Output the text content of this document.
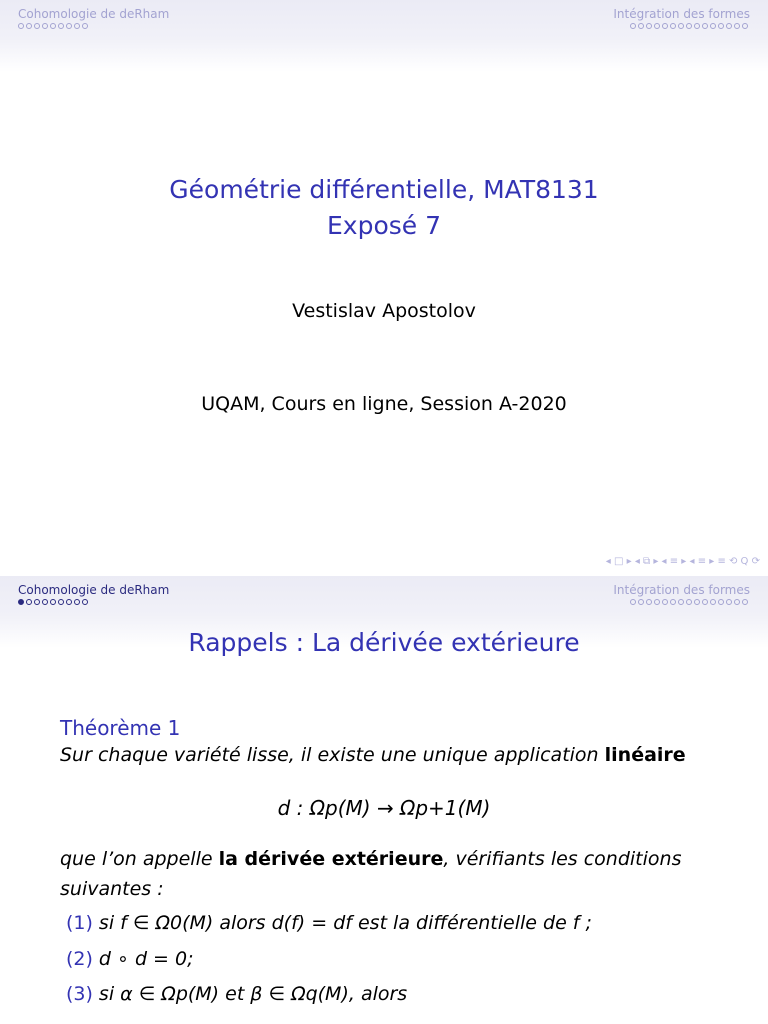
Cohomologie de deRham	Intégration des formes
Géométrie différentielle, MAT8131
Exposé 7
Vestislav Apostolov
UQAM, Cours en ligne, Session A-2020
◂ □ ▸ ◂ ⧉ ▸ ◂ ≡ ▸ ◂ ≡ ▸ ≡ ⟲ Q ⟳
Cohomologie de deRham	Intégration des formes
Rappels : La dérivée extérieure
Théorème 1
Sur chaque variété lisse, il existe une unique application linéaire
d : Ωp(M) → Ωp+1(M)
que l’on appelle la dérivée extérieure, vérifiants les conditions
suivantes :
(1) si f ∈ Ω0(M) alors d(f) = df est la différentielle de f ;
(2) d ∘ d = 0;
(3) si α ∈ Ωp(M) et β ∈ Ωq(M), alors
